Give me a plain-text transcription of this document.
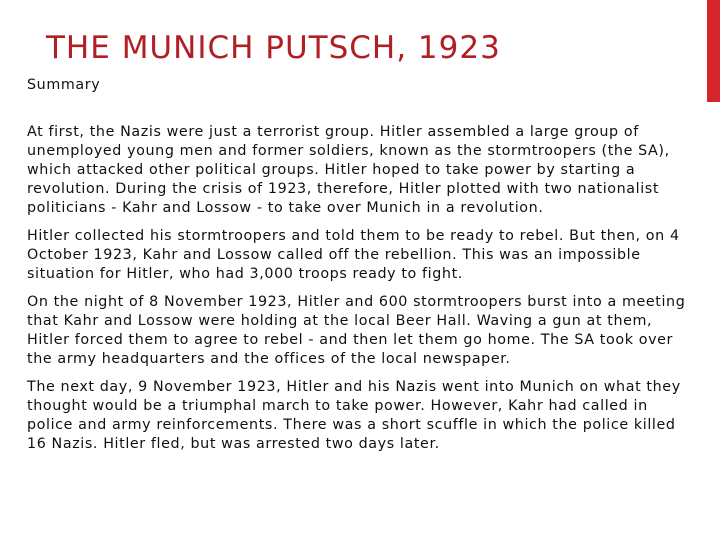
THE MUNICH PUTSCH, 1923

Summary

At first, the Nazis were just a terrorist group. Hitler assembled a large group of unemployed young men and former soldiers, known as the stormtroopers (the SA), which attacked other political groups. Hitler hoped to take power by starting a revolution. During the crisis of 1923, therefore, Hitler plotted with two nationalist politicians - Kahr and Lossow - to take over Munich in a revolution.

Hitler collected his stormtroopers and told them to be ready to rebel. But then, on 4 October 1923, Kahr and Lossow called off the rebellion. This was an impossible situation for Hitler, who had 3,000 troops ready to fight.

On the night of 8 November 1923, Hitler and 600 stormtroopers burst into a meeting that Kahr and Lossow were holding at the local Beer Hall. Waving a gun at them, Hitler forced them to agree to rebel - and then let them go home. The SA took over the army headquarters and the offices of the local newspaper.

The next day, 9 November 1923, Hitler and his Nazis went into Munich on what they thought would be a triumphal march to take power. However, Kahr had called in police and army reinforcements. There was a short scuffle in which the police killed 16 Nazis. Hitler fled, but was arrested two days later.
